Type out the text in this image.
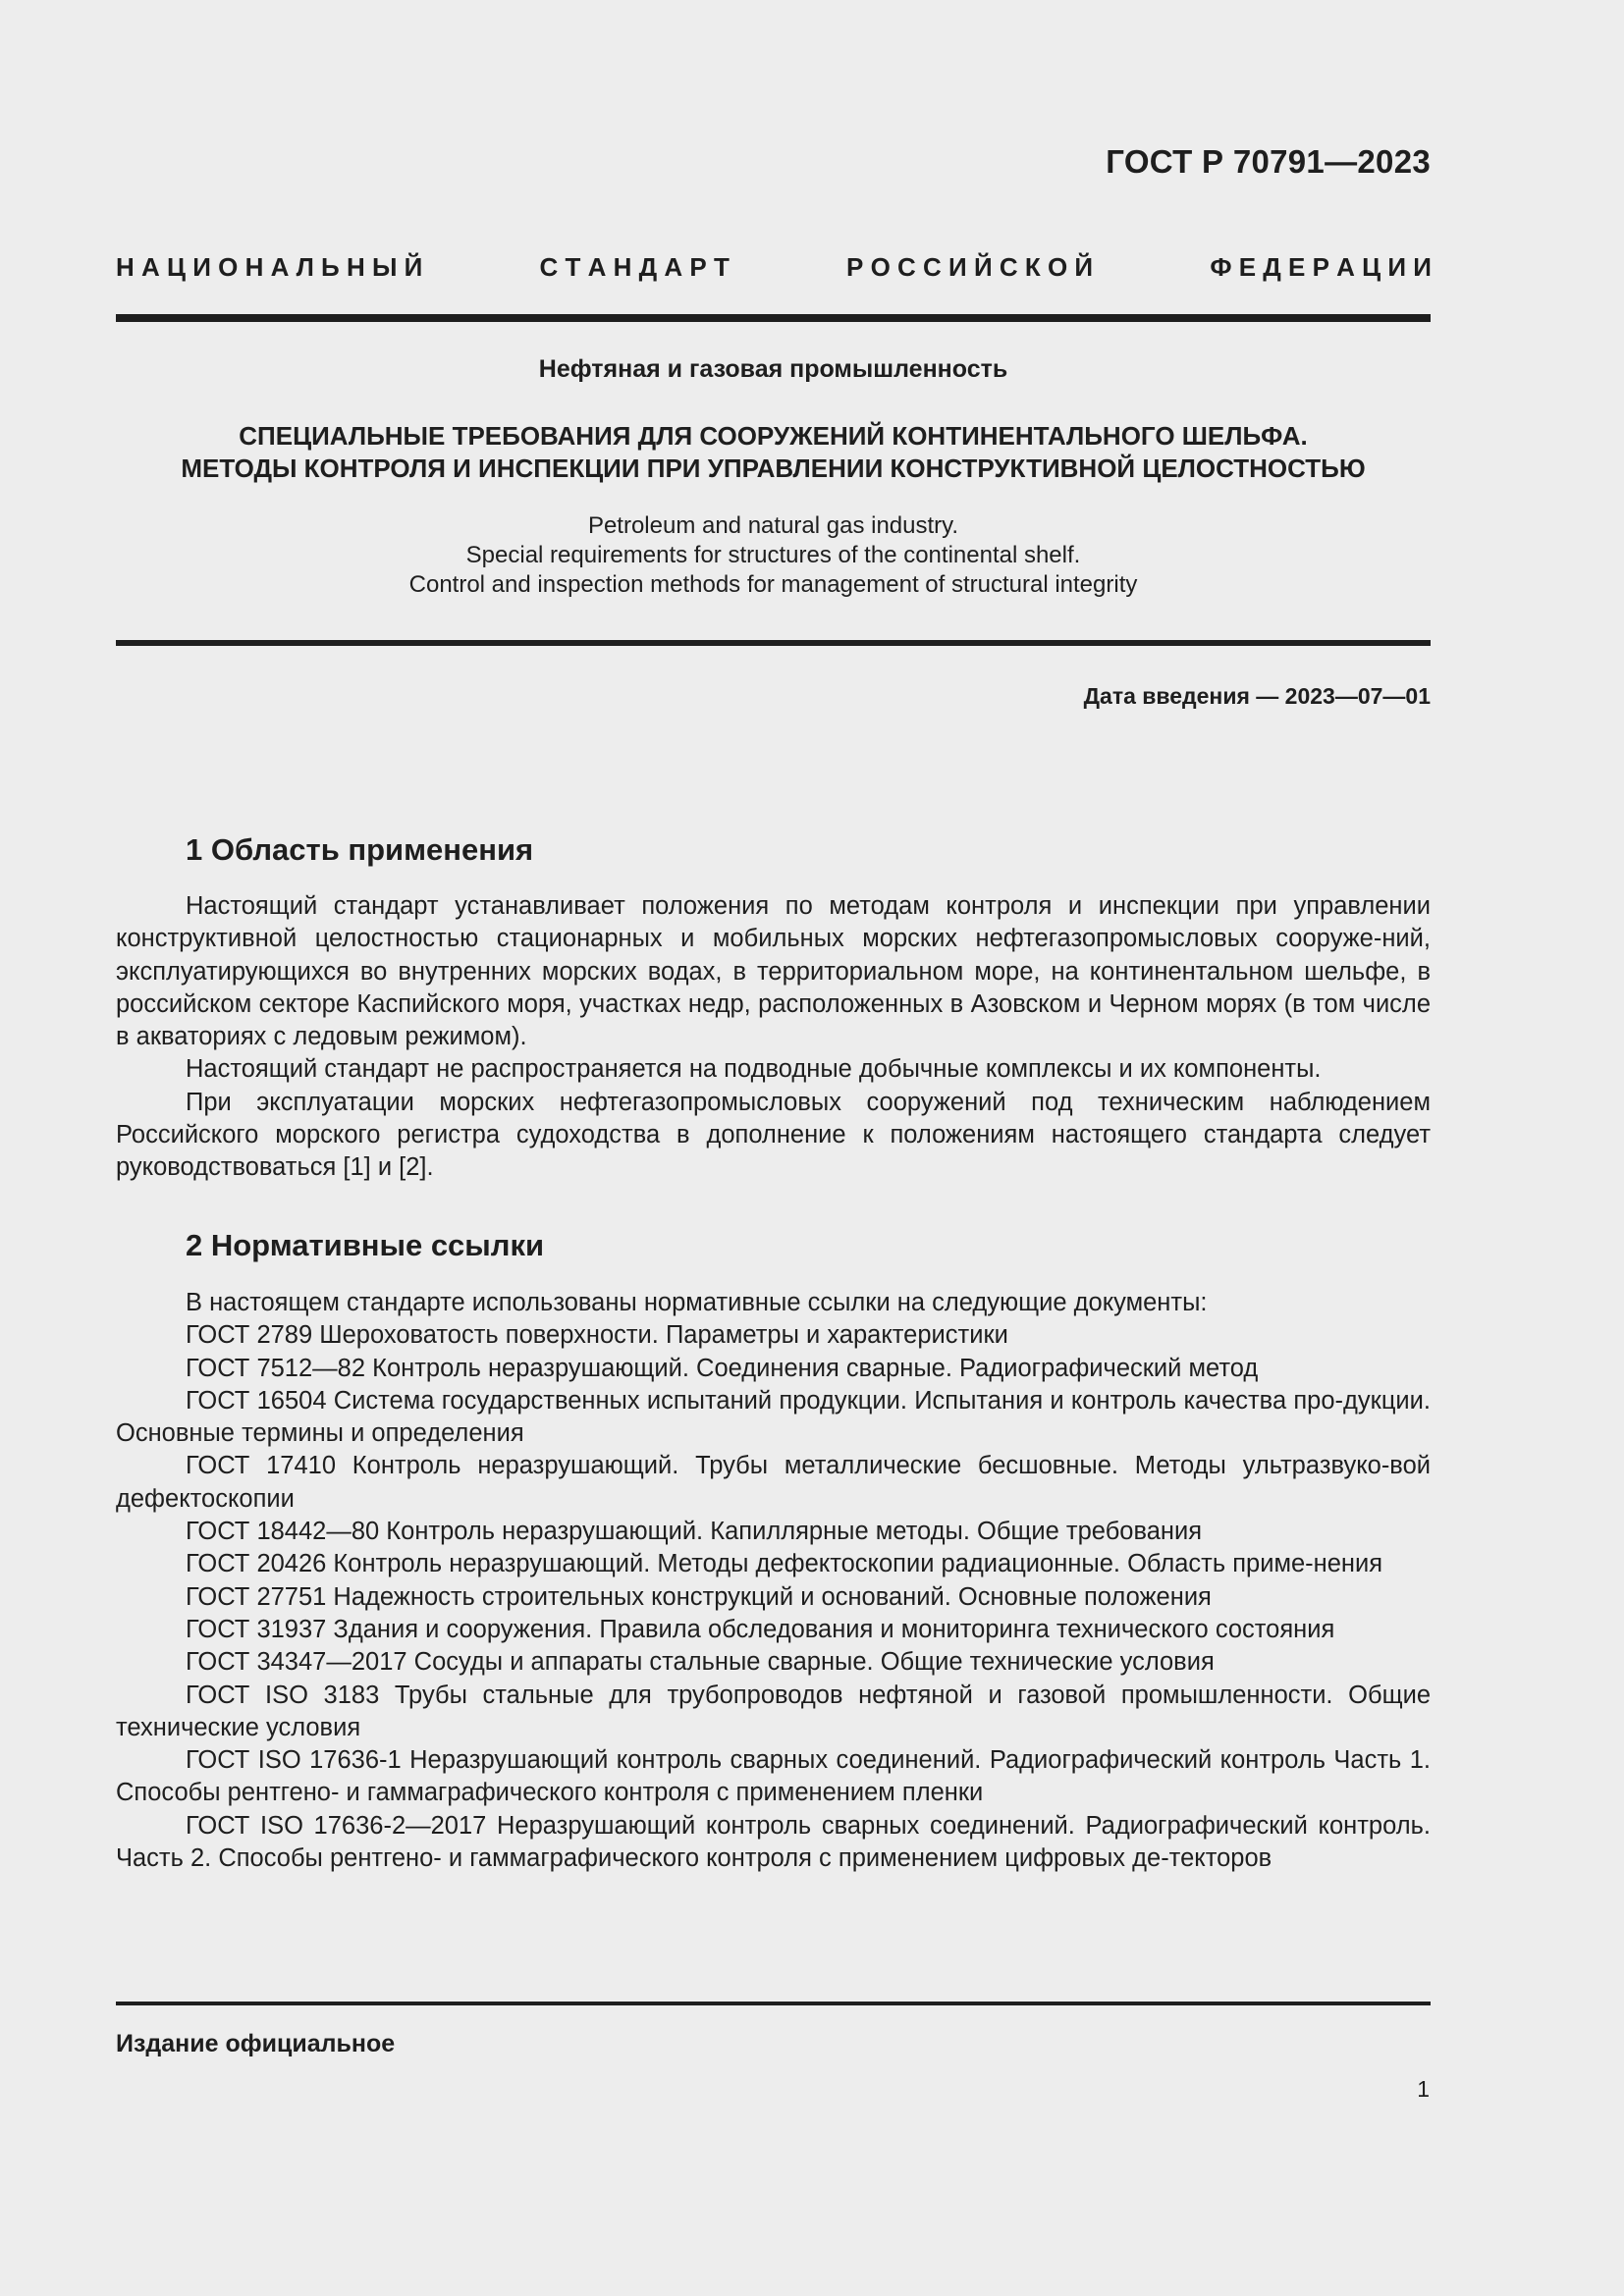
ГОСТ Р 70791—2023
Н А Ц И О Н А Л Ь Н Ы Й	С Т А Н Д А Р Т	Р О С С И Й С К О Й	Ф Е Д Е Р А Ц И И
Нефтяная и газовая промышленность
СПЕЦИАЛЬНЫЕ ТРЕБОВАНИЯ ДЛЯ СООРУЖЕНИЙ КОНТИНЕНТАЛЬНОГО ШЕЛЬФА.
МЕТОДЫ КОНТРОЛЯ И ИНСПЕКЦИИ ПРИ УПРАВЛЕНИИ КОНСТРУКТИВНОЙ ЦЕЛОСТНОСТЬЮ
Petroleum and natural gas industry.
Special requirements for structures of the continental shelf.
Control and inspection methods for management of structural integrity
Дата введения — 2023—07—01
1 Область применения

Настоящий стандарт устанавливает положения по методам контроля и инспекции при управлении конструктивной целостностью стационарных и мобильных морских нефтегазопромысловых сооруже-ний, эксплуатирующихся во внутренних морских водах, в территориальном море, на континентальном шельфе, в российском секторе Каспийского моря, участках недр, расположенных в Азовском и Черном морях (в том числе в акваториях с ледовым режимом).

Настоящий стандарт не распространяется на подводные добычные комплексы и их компоненты.

При эксплуатации морских нефтегазопромысловых сооружений под техническим наблюдением Российского морского регистра судоходства в дополнение к положениям настоящего стандарта следует руководствоваться [1] и [2].

2 Нормативные ссылки

В настоящем стандарте использованы нормативные ссылки на следующие документы:

ГОСТ 2789 Шероховатость поверхности. Параметры и характеристики

ГОСТ 7512—82 Контроль неразрушающий. Соединения сварные. Радиографический метод

ГОСТ 16504 Система государственных испытаний продукции. Испытания и контроль качества про-дукции. Основные термины и определения

ГОСТ 17410 Контроль неразрушающий. Трубы металлические бесшовные. Методы ультразвуко-вой дефектоскопии

ГОСТ 18442—80 Контроль неразрушающий. Капиллярные методы. Общие требования

ГОСТ 20426 Контроль неразрушающий. Методы дефектоскопии радиационные. Область приме-нения

ГОСТ 27751 Надежность строительных конструкций и оснований. Основные положения

ГОСТ 31937 Здания и сооружения. Правила обследования и мониторинга технического состояния

ГОСТ 34347—2017 Сосуды и аппараты стальные сварные. Общие технические условия

ГОСТ ISO 3183 Трубы стальные для трубопроводов нефтяной и газовой промышленности. Общие технические условия

ГОСТ ISO 17636-1 Неразрушающий контроль сварных соединений. Радиографический контроль Часть 1. Способы рентгено- и гаммаграфического контроля с применением пленки

ГОСТ ISO 17636-2—2017 Неразрушающий контроль сварных соединений. Радиографический контроль. Часть 2. Способы рентгено- и гаммаграфического контроля с применением цифровых де-текторов

Издание официальное
1
